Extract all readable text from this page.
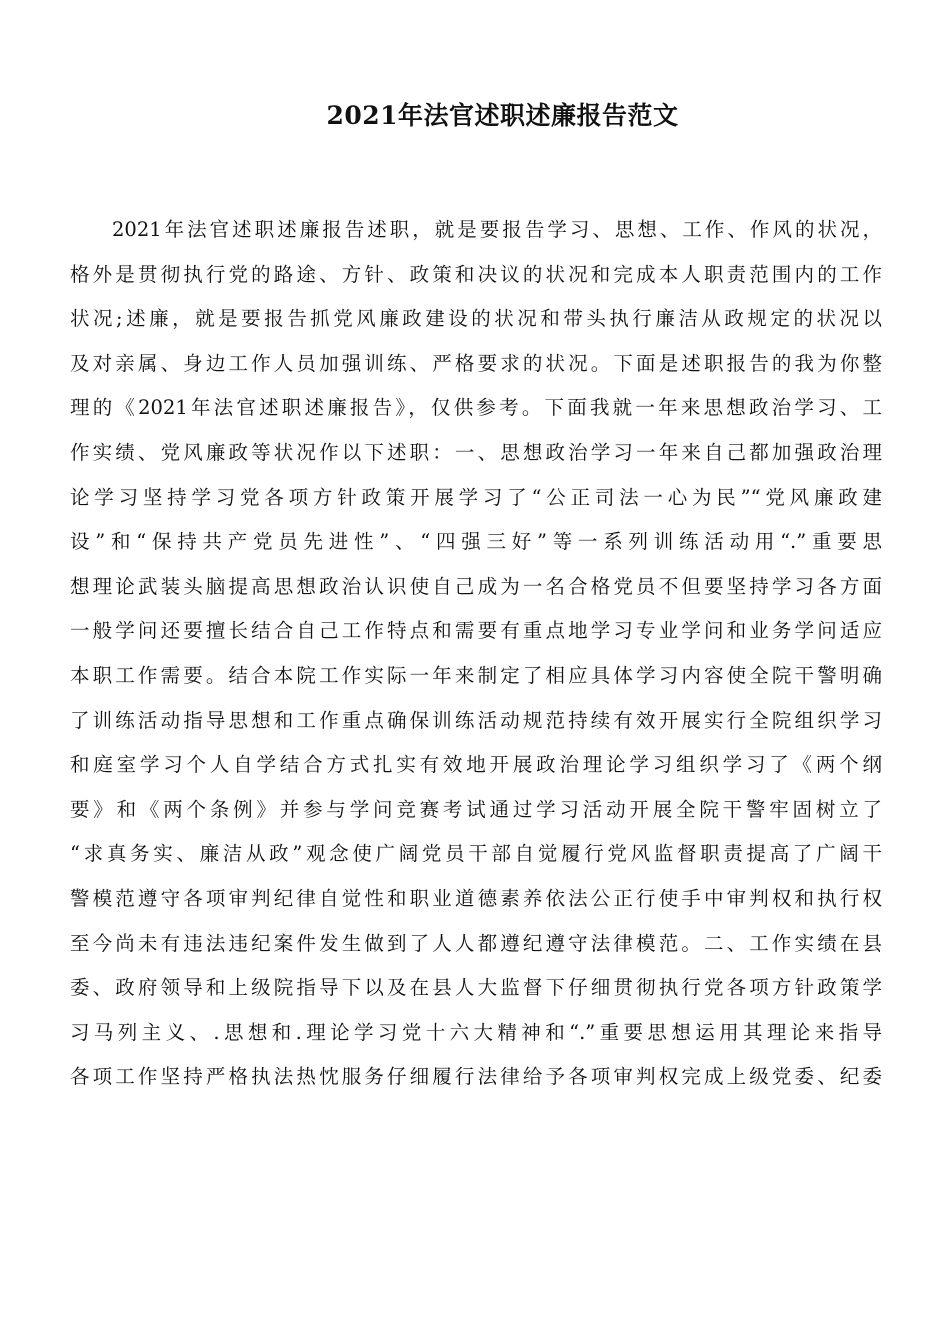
2021年法官述职述廉报告范文
2021年法官述职述廉报告述职，就是要报告学习、思想、工作、作风的状况，
格外是贯彻执行党的路途、方针、政策和决议的状况和完成本人职责范围内的工作
状况;述廉，就是要报告抓党风廉政建设的状况和带头执行廉洁从政规定的状况以
及对亲属、身边工作人员加强训练、严格要求的状况。下面是述职报告的我为你整
理的《2021年法官述职述廉报告》，仅供参考。下面我就一年来思想政治学习、工
作实绩、党风廉政等状况作以下述职：一、思想政治学习一年来自己都加强政治理
论学习坚持学习党各项方针政策开展学习了“公正司法一心为民”“党风廉政建
设”和“保持共产党员先进性”、“四强三好”等一系列训练活动用“.”重要思
想理论武装头脑提高思想政治认识使自己成为一名合格党员不但要坚持学习各方面
一般学问还要擅长结合自己工作特点和需要有重点地学习专业学问和业务学问适应
本职工作需要。结合本院工作实际一年来制定了相应具体学习内容使全院干警明确
了训练活动指导思想和工作重点确保训练活动规范持续有效开展实行全院组织学习
和庭室学习个人自学结合方式扎实有效地开展政治理论学习组织学习了《两个纲
要》和《两个条例》并参与学问竞赛考试通过学习活动开展全院干警牢固树立了
“求真务实、廉洁从政”观念使广阔党员干部自觉履行党风监督职责提高了广阔干
警模范遵守各项审判纪律自觉性和职业道德素养依法公正行使手中审判权和执行权
至今尚未有违法违纪案件发生做到了人人都遵纪遵守法律模范。二、工作实绩在县
委、政府领导和上级院指导下以及在县人大监督下仔细贯彻执行党各项方针政策学
习马列主义、.思想和.理论学习党十六大精神和“.”重要思想运用其理论来指导
各项工作坚持严格执法热忱服务仔细履行法律给予各项审判权完成上级党委、纪委
